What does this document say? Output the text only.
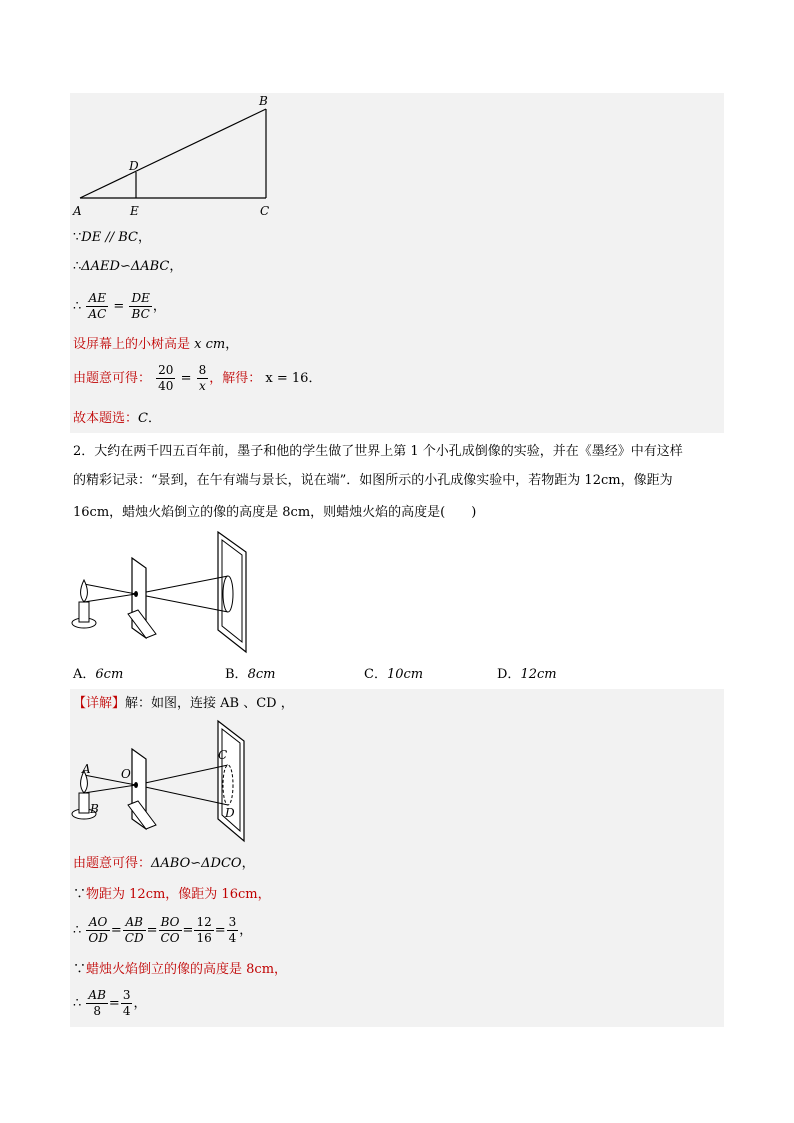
B
D
A	E	C
∵DE // BC，
∴ΔAED∽ΔABC，
∴ $\frac{AE}{AC} = \frac{DE}{BC}$ ，
设屏幕上的小树高是 x cm，
由题意可得： $\frac{20}{40} = \frac{8}{x}$ ，解得： x = 16．
故本题选：C．
2．大约在两千四五百年前，墨子和他的学生做了世界上第 1 个小孔成倒像的实验，并在《墨经》中有这样
的精彩记录：“景到，在午有端与景长，说在端”．如图所示的小孔成像实验中，若物距为 12cm，像距为
16cm，蜡烛火焰倒立的像的高度是 8cm，则蜡烛火焰的高度是(　　)
A．6cm	B．8cm	C．10cm	D．12cm
【详解】解：如图，连接 AB 、CD ，
A	O
B
C
D
由题意可得：ΔABO∽ΔDCO，
∵物距为 12cm，像距为 16cm，
∴ $\frac{AO}{OD} = \frac{AB}{CD} = \frac{BO}{CO} = \frac{12}{16} = \frac{3}{4}$ ，
∵蜡烛火焰倒立的像的高度是 8cm，
∴ $\frac{AB}{8} = \frac{3}{4}$ ，
